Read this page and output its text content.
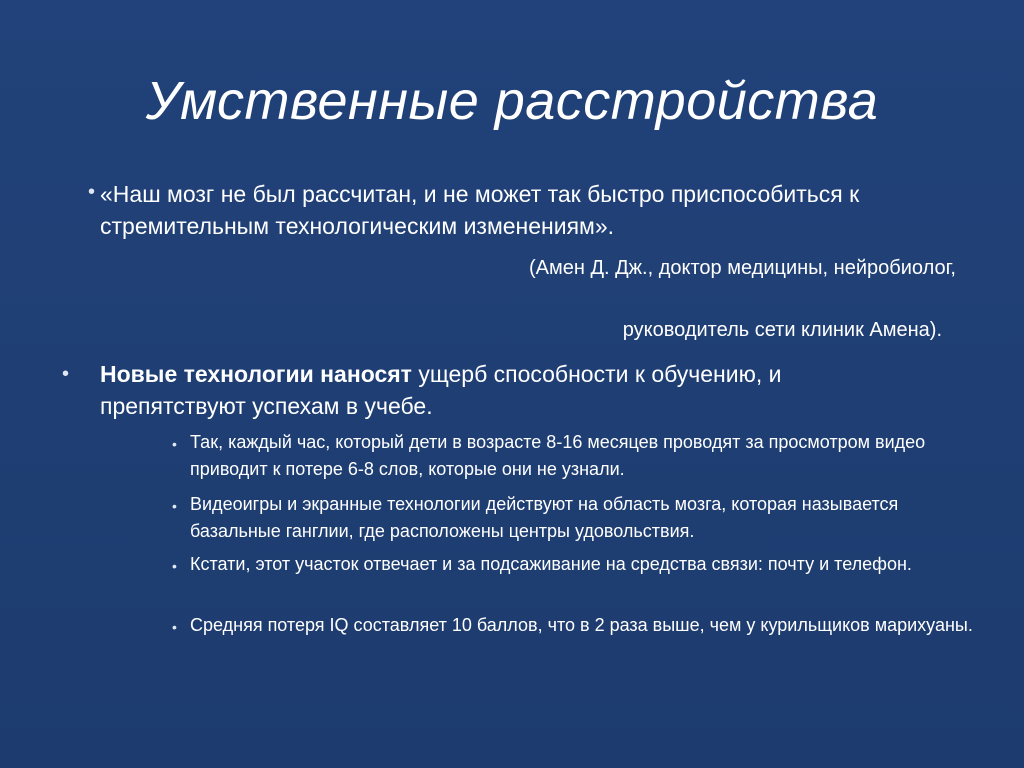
Умственные расстройства
• «Наш мозг не был рассчитан, и не может так быстро приспособиться к стремительным технологическим изменениям».
(Амен Д. Дж., доктор медицины, нейробиолог,
руководитель сети клиник Амена).
• Новые технологии наносят ущерб способности к обучению, и препятствуют успехам в учебе.
• Так, каждый час, который дети в возрасте 8-16 месяцев проводят за просмотром видео приводит к потере 6-8 слов, которые они не узнали.
• Видеоигры и экранные технологии действуют на область мозга, которая называется базальные ганглии, где расположены центры удовольствия.
• Кстати, этот участок отвечает и за подсаживание на средства связи: почту и телефон.
• Средняя потеря IQ составляет 10 баллов, что в 2 раза выше, чем у курильщиков марихуаны.
